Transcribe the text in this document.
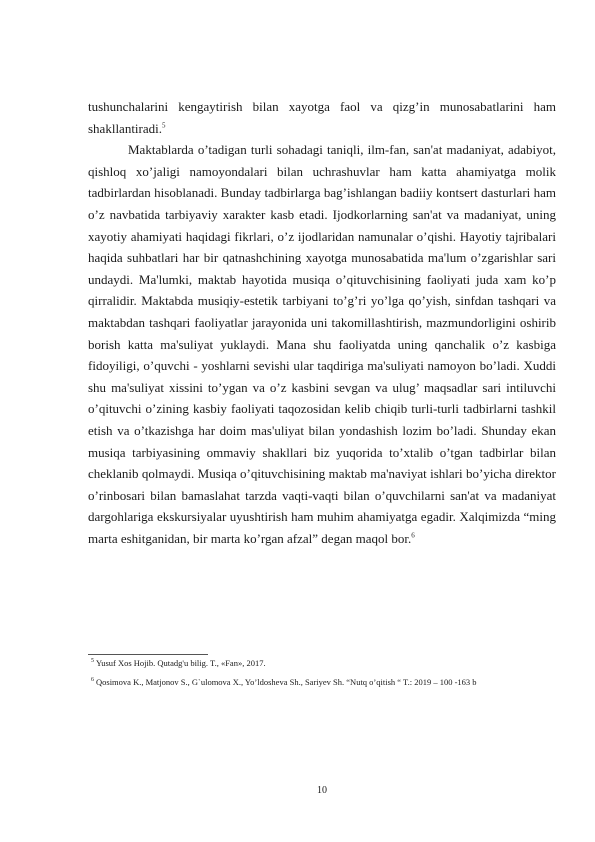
tushunchalarini kengaytirish bilan xayotga faol va qizg’in munosabatlarini ham shakllantiradi.$^5$

Maktablarda o’tadigan turli sohadagi taniqli, ilm-fan, san'at madaniyat, adabiyot, qishloq xo’jaligi namoyondalari bilan uchrashuvlar ham katta ahamiyatga molik tadbirlardan hisoblanadi. Bunday tadbirlarga bag’ishlangan badiiy kontsert dasturlari ham o’z navbatida tarbiyaviy xarakter kasb etadi. Ijodkorlarning san'at va madaniyat, uning xayotiy ahamiyati haqidagi fikrlari, o’z ijodlaridan namunalar o’qishi. Hayotiy tajribalari haqida suhbatlari har bir qatnashchining xayotga munosabatida ma'lum o’zgarishlar sari undaydi. Ma'lumki, maktab hayotida musiqa o’qituvchisining faoliyati juda xam ko’p qirralidir. Maktabda musiqiy-estetik tarbiyani to’g’ri yo’lga qo’yish, sinfdan tashqari va maktabdan tashqari faoliyatlar jarayonida uni takomillashtirish, mazmundorligini oshirib borish katta ma'suliyat yuklaydi. Mana shu faoliyatda uning qanchalik o’z kasbiga fidoyiligi, o’quvchi - yoshlarni sevishi ular taqdiriga ma'suliyati namoyon bo’ladi. Xuddi shu ma'suliyat xissini to’ygan va o’z kasbini sevgan va ulug’ maqsadlar sari intiluvchi o’qituvchi o’zining kasbiy faoliyati taqozosidan kelib chiqib turli-turli tadbirlarni tashkil etish va o’tkazishga har doim mas'uliyat bilan yondashish lozim bo’ladi. Shunday ekan musiqa tarbiyasining ommaviy shakllari biz yuqorida to’xtalib o’tgan tadbirlar bilan cheklanib qolmaydi. Musiqa o’qituvchisining maktab ma'naviyat ishlari bo’yicha direktor o’rinbosari bilan bamaslahat tarzda vaqti-vaqti bilan o’quvchilarni san'at va madaniyat dargohlariga ekskursiyalar uyushtirish ham muhim ahamiyatga egadir. Xalqimizda “ming marta eshitganidan, bir marta ko’rgan afzal” degan maqol bor.$^6$

$^5$ Yusuf Xos Hojib. Qutadg'u bilig. T., «Fan», 2017.

$^6$ Qosimova K., Matjonov S., G`ulomova X., Yo’ldosheva Sh., Sariyev Sh. “Nutq o’qitish “ T.: 2019 – 100 -163 b

10
